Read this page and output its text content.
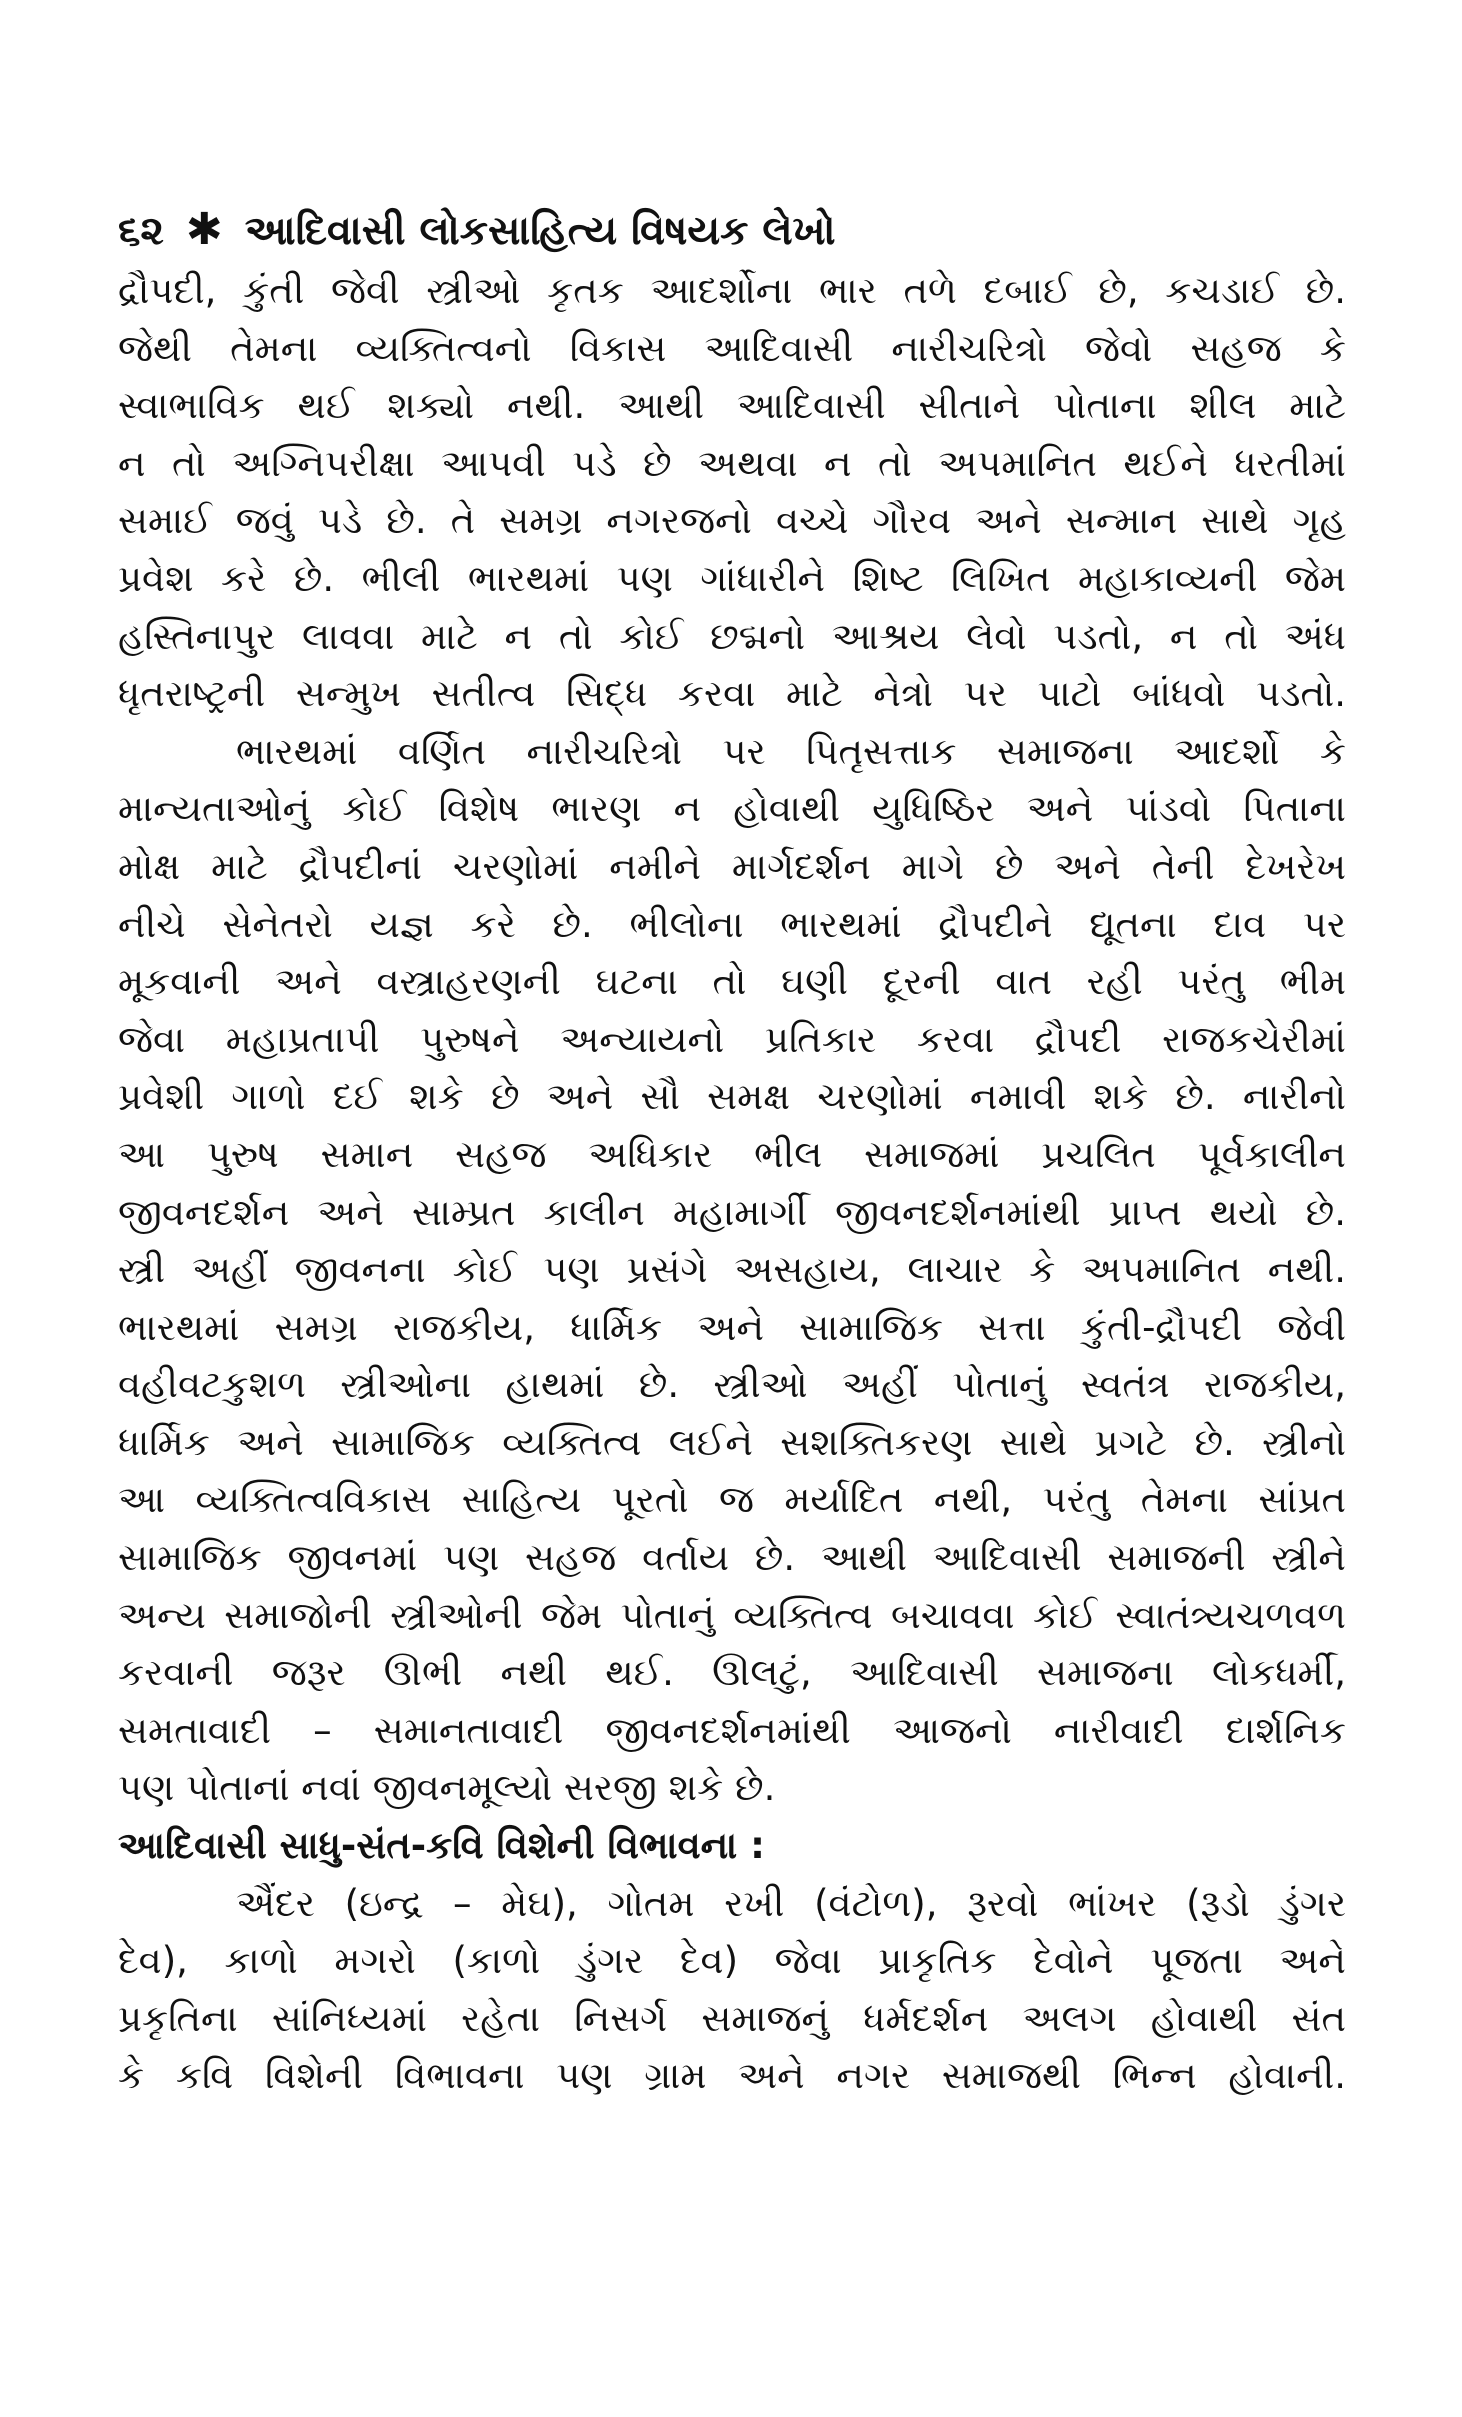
૬૨ ✱ આદિવાસી લોકસાહિત્ય વિષયક લેખો
દ્રૌપદી, કુંતી જેવી સ્ત્રીઓ કૃતક આદર્શોના ભાર તળે દબાઈ છે, કચડાઈ છે.
જેથી તેમના વ્યક્તિત્વનો વિકાસ આદિવાસી નારીચરિત્રો જેવો સહજ કે
સ્વાભાવિક થઈ શક્યો નથી. આથી આદિવાસી સીતાને પોતાના શીલ માટે
ન તો અગ્નિપરીક્ષા આપવી પડે છે અથવા ન તો અપમાનિત થઈને ધરતીમાં
સમાઈ જવું પડે છે. તે સમગ્ર નગરજનો વચ્ચે ગૌરવ અને સન્માન સાથે ગૃહ
પ્રવેશ કરે છે. ભીલી ભારથમાં પણ ગાંધારીને શિષ્ટ લિખિત મહાકાવ્યની જેમ
હસ્તિનાપુર લાવવા માટે ન તો કોઈ છદ્મનો આશ્રય લેવો પડતો, ન તો અંધ
ધૃતરાષ્ટ્રની સન્મુખ સતીત્વ સિદ્ધ કરવા માટે નેત્રો પર પાટો બાંધવો પડતો.
ભારથમાં વર્ણિત નારીચરિત્રો પર પિતૃસત્તાક સમાજના આદર્શો કે
માન્યતાઓનું કોઈ વિશેષ ભારણ ન હોવાથી યુધિષ્ઠિર અને પાંડવો પિતાના
મોક્ષ માટે દ્રૌપદીનાં ચરણોમાં નમીને માર્ગદર્શન માગે છે અને તેની દેખરેખ
નીચે સેનેતરો યજ્ઞ કરે છે. ભીલોના ભારથમાં દ્રૌપદીને દ્યૂતના દાવ પર
મૂકવાની અને વસ્ત્રાહરણની ઘટના તો ઘણી દૂરની વાત રહી પરંતુ ભીમ
જેવા મહાપ્રતાપી પુરુષને અન્યાયનો પ્રતિકાર કરવા દ્રૌપદી રાજકચેરીમાં
પ્રવેશી ગાળો દઈ શકે છે અને સૌ સમક્ષ ચરણોમાં નમાવી શકે છે. નારીનો
આ પુરુષ સમાન સહજ અધિકાર ભીલ સમાજમાં પ્રચલિત પૂર્વકાલીન
જીવનદર્શન અને સામ્પ્રત કાલીન મહામાર્ગી જીવનદર્શનમાંથી પ્રાપ્ત થયો છે.
સ્ત્રી અહીં જીવનના કોઈ પણ પ્રસંગે અસહાય, લાચાર કે અપમાનિત નથી.
ભારથમાં સમગ્ર રાજકીય, ધાર્મિક અને સામાજિક સત્તા કુંતી-દ્રૌપદી જેવી
વહીવટકુશળ સ્ત્રીઓના હાથમાં છે. સ્ત્રીઓ અહીં પોતાનું સ્વતંત્ર રાજકીય,
ધાર્મિક અને સામાજિક વ્યક્તિત્વ લઈને સશક્તિકરણ સાથે પ્રગટે છે. સ્ત્રીનો
આ વ્યક્તિત્વવિકાસ સાહિત્ય પૂરતો જ મર્યાદિત નથી, પરંતુ તેમના સાંપ્રત
સામાજિક જીવનમાં પણ સહજ વર્તાય છે. આથી આદિવાસી સમાજની સ્ત્રીને
અન્ય સમાજોની સ્ત્રીઓની જેમ પોતાનું વ્યક્તિત્વ બચાવવા કોઈ સ્વાતંત્ર્યચળવળ
કરવાની જરૂર ઊભી નથી થઈ. ઊલટું, આદિવાસી સમાજના લોકધર્મી,
સમતાવાદી – સમાનતાવાદી જીવનદર્શનમાંથી આજનો નારીવાદી દાર્શનિક
પણ પોતાનાં નવાં જીવનમૂલ્યો સરજી શકે છે.
આદિવાસી સાધુ-સંત-કવિ વિશેની વિભાવના :
ઐંદર (ઇન્દ્ર – મેઘ), ગોતમ રખી (વંટોળ), રૂરવો ભાંખર (રૂડો ડુંગર
દેવ), કાળો મગરો (કાળો ડુંગર દેવ) જેવા પ્રાકૃતિક દેવોને પૂજતા અને
પ્રકૃતિના સાંનિધ્યમાં રહેતા નિસર્ગ સમાજનું ધર્મદર્શન અલગ હોવાથી સંત
કે કવિ વિશેની વિભાવના પણ ગ્રામ અને નગર સમાજથી ભિન્ન હોવાની.
